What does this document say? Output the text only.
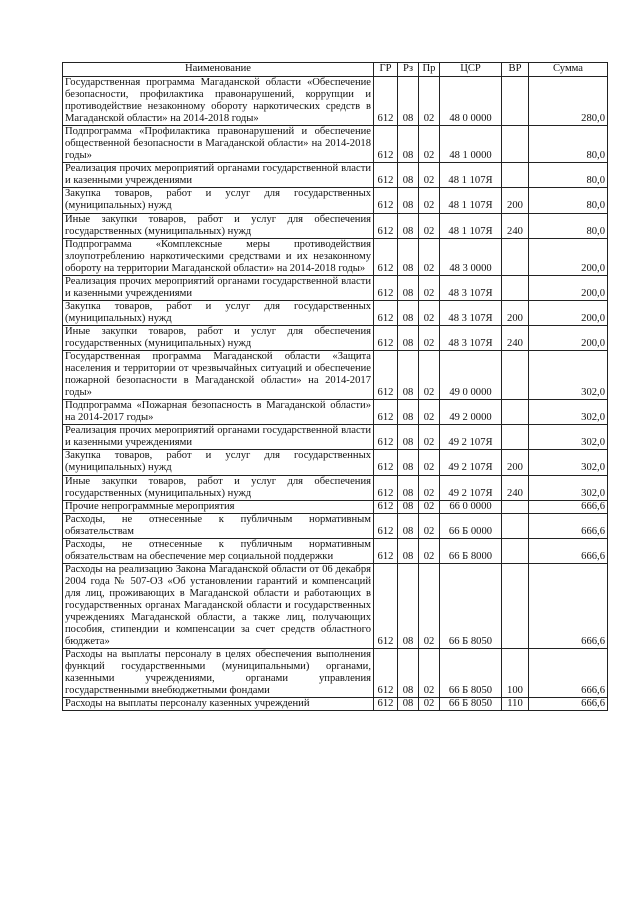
Наименование	ГР	Рз	Пр	ЦСР	ВР	Сумма
Государственная программа Магаданской области «Обеспечение безопасности, профилактика правонарушений, коррупции и противодействие незаконному обороту наркотических средств в Магаданской области» на 2014-2018 годы»	612	08	02	48 0 0000		280,0
Подпрограмма «Профилактика правонарушений и обеспечение общественной безопасности в Магаданской области» на 2014-2018 годы»	612	08	02	48 1 0000		80,0
Реализация прочих мероприятий органами государственной власти и казенными учреждениями	612	08	02	48 1 107Я		80,0
Закупка товаров, работ и услуг для государственных (муниципальных) нужд	612	08	02	48 1 107Я	200	80,0
Иные закупки товаров, работ и услуг для обеспечения государственных (муниципальных) нужд	612	08	02	48 1 107Я	240	80,0
Подпрограмма «Комплексные меры противодействия злоупотреблению наркотическими средствами и их незаконному обороту на территории Магаданской области» на 2014-2018 годы»	612	08	02	48 3 0000		200,0
Реализация прочих мероприятий органами государственной власти и казенными учреждениями	612	08	02	48 3 107Я		200,0
Закупка товаров, работ и услуг для государственных (муниципальных) нужд	612	08	02	48 3 107Я	200	200,0
Иные закупки товаров, работ и услуг для обеспечения государственных (муниципальных) нужд	612	08	02	48 3 107Я	240	200,0
Государственная программа Магаданской области «Защита населения и территории от чрезвычайных ситуаций и обеспечение пожарной безопасности в Магаданской области» на 2014-2017 годы»	612	08	02	49 0 0000		302,0
Подпрограмма «Пожарная безопасность в Магаданской области» на 2014-2017 годы»	612	08	02	49 2 0000		302,0
Реализация прочих мероприятий органами государственной власти и казенными учреждениями	612	08	02	49 2 107Я		302,0
Закупка товаров, работ и услуг для государственных (муниципальных) нужд	612	08	02	49 2 107Я	200	302,0
Иные закупки товаров, работ и услуг для обеспечения государственных (муниципальных) нужд	612	08	02	49 2 107Я	240	302,0
Прочие непрограммные мероприятия	612	08	02	66 0 0000		666,6
Расходы, не отнесенные к публичным нормативным обязательствам	612	08	02	66 Б 0000		666,6
Расходы, не отнесенные к публичным нормативным обязательствам на обеспечение мер социальной поддержки	612	08	02	66 Б 8000		666,6
Расходы на реализацию Закона Магаданской области от 06 декабря 2004 года № 507-ОЗ «Об установлении гарантий и компенсаций для лиц, проживающих в Магаданской области и работающих в государственных органах Магаданской области и государственных учреждениях Магаданской области, а также лиц, получающих пособия, стипендии и компенсации за счет средств областного бюджета»	612	08	02	66 Б 8050		666,6
Расходы на выплаты персоналу в целях обеспечения выполнения функций государственными (муниципальными) органами, казенными учреждениями, органами управления государственными внебюджетными фондами	612	08	02	66 Б 8050	100	666,6
Расходы на выплаты персоналу казенных учреждений	612	08	02	66 Б 8050	110	666,6
